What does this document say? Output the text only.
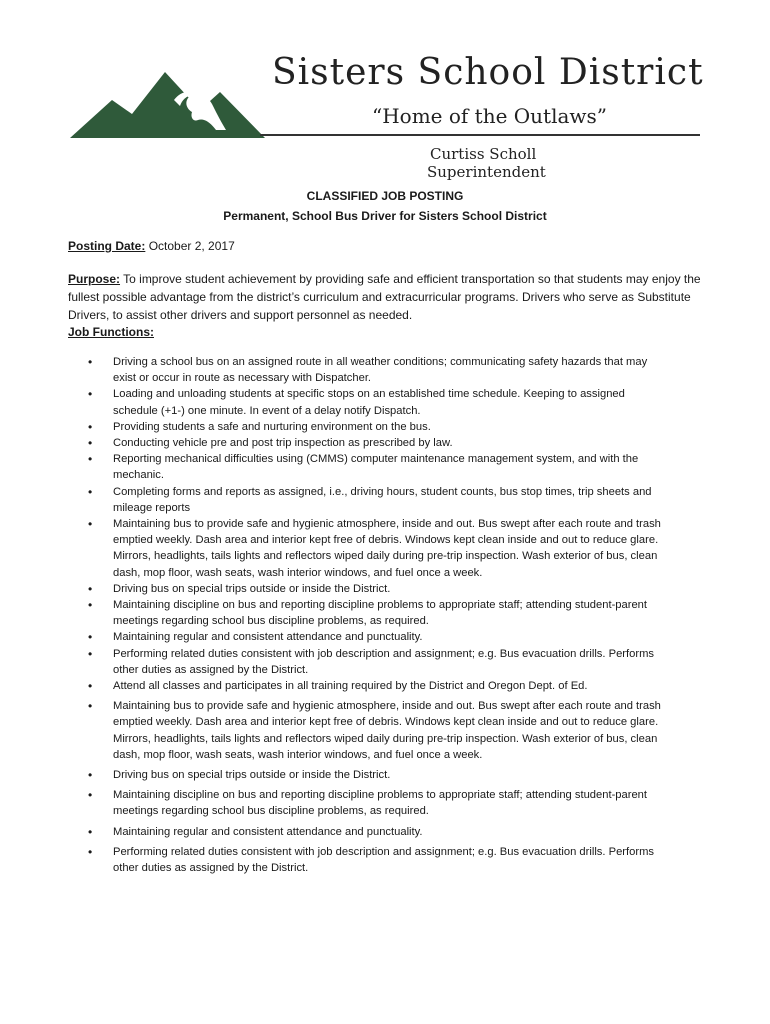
Sisters School District
“Home of the Outlaws”
Curtiss Scholl
Superintendent
CLASSIFIED JOB POSTING
Permanent, School Bus Driver for Sisters School District
Posting Date: October 2, 2017
Purpose: To improve student achievement by providing safe and efficient transportation so that students may enjoy the fullest possible advantage from the district’s curriculum and extracurricular programs. Drivers who serve as Substitute Drivers, to assist other drivers and support personnel as needed.
Job Functions:
• Driving a school bus on an assigned route in all weather conditions; communicating safety hazards that may exist or occur in route as necessary with Dispatcher.
• Loading and unloading students at specific stops on an established time schedule. Keeping to assigned schedule (+1-) one minute. In event of a delay notify Dispatch.
• Providing students a safe and nurturing environment on the bus.
• Conducting vehicle pre and post trip inspection as prescribed by law.
• Reporting mechanical difficulties using (CMMS) computer maintenance management system, and with the mechanic.
• Completing forms and reports as assigned, i.e., driving hours, student counts, bus stop times, trip sheets and mileage reports
• Maintaining bus to provide safe and hygienic atmosphere, inside and out. Bus swept after each route and trash emptied weekly. Dash area and interior kept free of debris. Windows kept clean inside and out to reduce glare. Mirrors, headlights, tails lights and reflectors wiped daily during pre-trip inspection. Wash exterior of bus, clean dash, mop floor, wash seats, wash interior windows, and fuel once a week.
• Driving bus on special trips outside or inside the District.
• Maintaining discipline on bus and reporting discipline problems to appropriate staff; attending student-parent meetings regarding school bus discipline problems, as required.
• Maintaining regular and consistent attendance and punctuality.
• Performing related duties consistent with job description and assignment; e.g. Bus evacuation drills. Performs other duties as assigned by the District.
• Attend all classes and participates in all training required by the District and Oregon Dept. of Ed.
• Maintaining bus to provide safe and hygienic atmosphere, inside and out. Bus swept after each route and trash emptied weekly. Dash area and interior kept free of debris. Windows kept clean inside and out to reduce glare. Mirrors, headlights, tails lights and reflectors wiped daily during pre-trip inspection. Wash exterior of bus, clean dash, mop floor, wash seats, wash interior windows, and fuel once a week.
• Driving bus on special trips outside or inside the District.
• Maintaining discipline on bus and reporting discipline problems to appropriate staff; attending student-parent meetings regarding school bus discipline problems, as required.
• Maintaining regular and consistent attendance and punctuality.
• Performing related duties consistent with job description and assignment; e.g. Bus evacuation drills. Performs other duties as assigned by the District.
